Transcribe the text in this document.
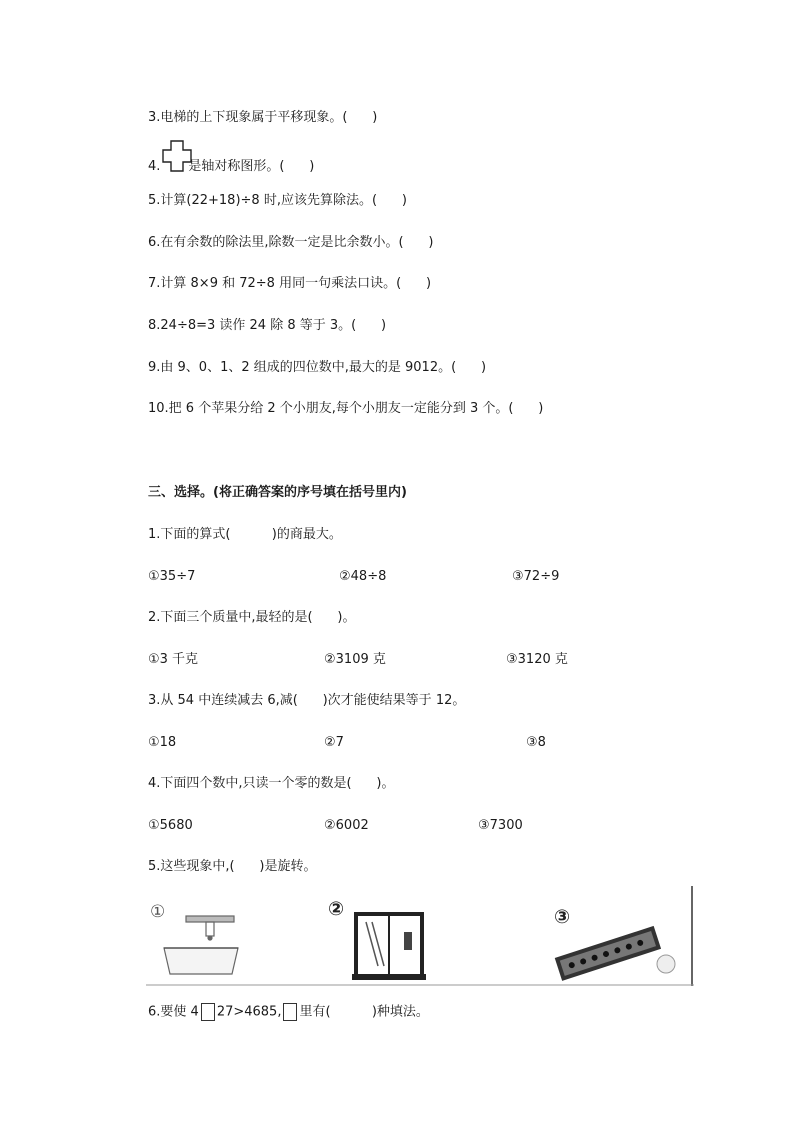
3.电梯的上下现象属于平移现象。(      )
4. 是轴对称图形。(      )
5.计算(22+18)÷8 时,应该先算除法。(      )
6.在有余数的除法里,除数一定是比余数小。(      )
7.计算 8×9 和 72÷8 用同一句乘法口诀。(      )
8.24÷8=3 读作 24 除 8 等于 3。(      )
9.由 9、0、1、2 组成的四位数中,最大的是 9012。(      )
10.把 6 个苹果分给 2 个小朋友,每个小朋友一定能分到 3 个。(      )
三、选择。(将正确答案的序号填在括号里内)
1.下面的算式(          )的商最大。
①35÷7	②48÷8	③72÷9
2.下面三个质量中,最轻的是(      )。
①3 千克	②3109 克	③3120 克
3.从 54 中连续减去 6,减(      )次才能使结果等于 12。
①18	②7	③8
4.下面四个数中,只读一个零的数是(      )。
①5680	②6002	③7300
5.这些现象中,(      )是旋转。
①	②	③
6.要使 4 27>4685, 里有(          )种填法。
